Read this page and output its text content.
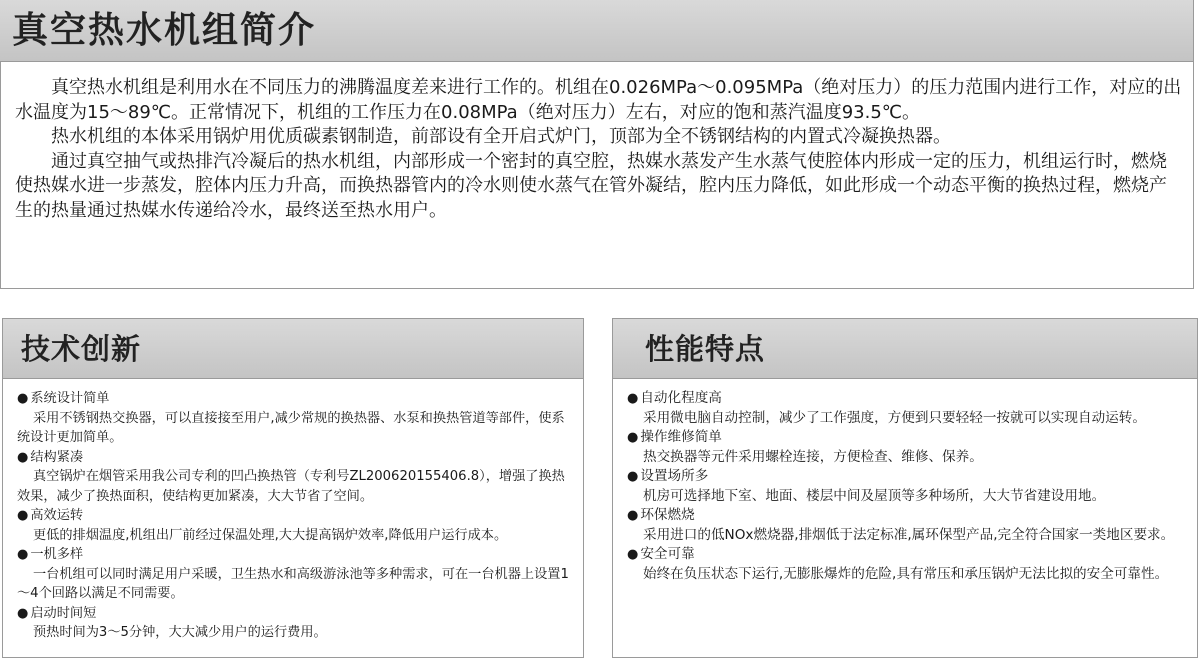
真空热水机组简介

真空热水机组是利用水在不同压力的沸腾温度差来进行工作的。机组在0.026MPa～0.095MPa（绝对压力）的压力范围内进行工作，对应的出水温度为15～89℃。正常情况下，机组的工作压力在0.08MPa（绝对压力）左右，对应的饱和蒸汽温度93.5℃。

热水机组的本体采用锅炉用优质碳素钢制造，前部设有全开启式炉门，顶部为全不锈钢结构的内置式冷凝换热器。

通过真空抽气或热排汽冷凝后的热水机组，内部形成一个密封的真空腔，热媒水蒸发产生水蒸气使腔体内形成一定的压力，机组运行时，燃烧使热媒水进一步蒸发，腔体内压力升高，而换热器管内的冷水则使水蒸气在管外凝结，腔内压力降低，如此形成一个动态平衡的换热过程，燃烧产生的热量通过热媒水传递给冷水，最终送至热水用户。

技术创新
● 系统设计简单
采用不锈钢热交换器，可以直接接至用户,减少常规的换热器、水泵和换热管道等部件，使系统设计更加简单。
● 结构紧凑
真空锅炉在烟管采用我公司专利的凹凸换热管（专利号ZL200620155406.8），增强了换热效果，减少了换热面积，使结构更加紧凑，大大节省了空间。
● 高效运转
更低的排烟温度,机组出厂前经过保温处理,大大提高锅炉效率,降低用户运行成本。
● 一机多样
一台机组可以同时满足用户采暖，卫生热水和高级游泳池等多种需求，可在一台机器上设置1～4个回路以满足不同需要。
● 启动时间短
预热时间为3～5分钟，大大减少用户的运行费用。
性能特点
● 自动化程度高
采用微电脑自动控制，减少了工作强度，方便到只要轻轻一按就可以实现自动运转。
● 操作维修简单
热交换器等元件采用螺栓连接，方便检查、维修、保养。
● 设置场所多
机房可选择地下室、地面、楼层中间及屋顶等多种场所，大大节省建设用地。
● 环保燃烧
采用进口的低NOx燃烧器,排烟低于法定标准,属环保型产品,完全符合国家一类地区要求。
● 安全可靠
始终在负压状态下运行,无膨胀爆炸的危险,具有常压和承压锅炉无法比拟的安全可靠性。
